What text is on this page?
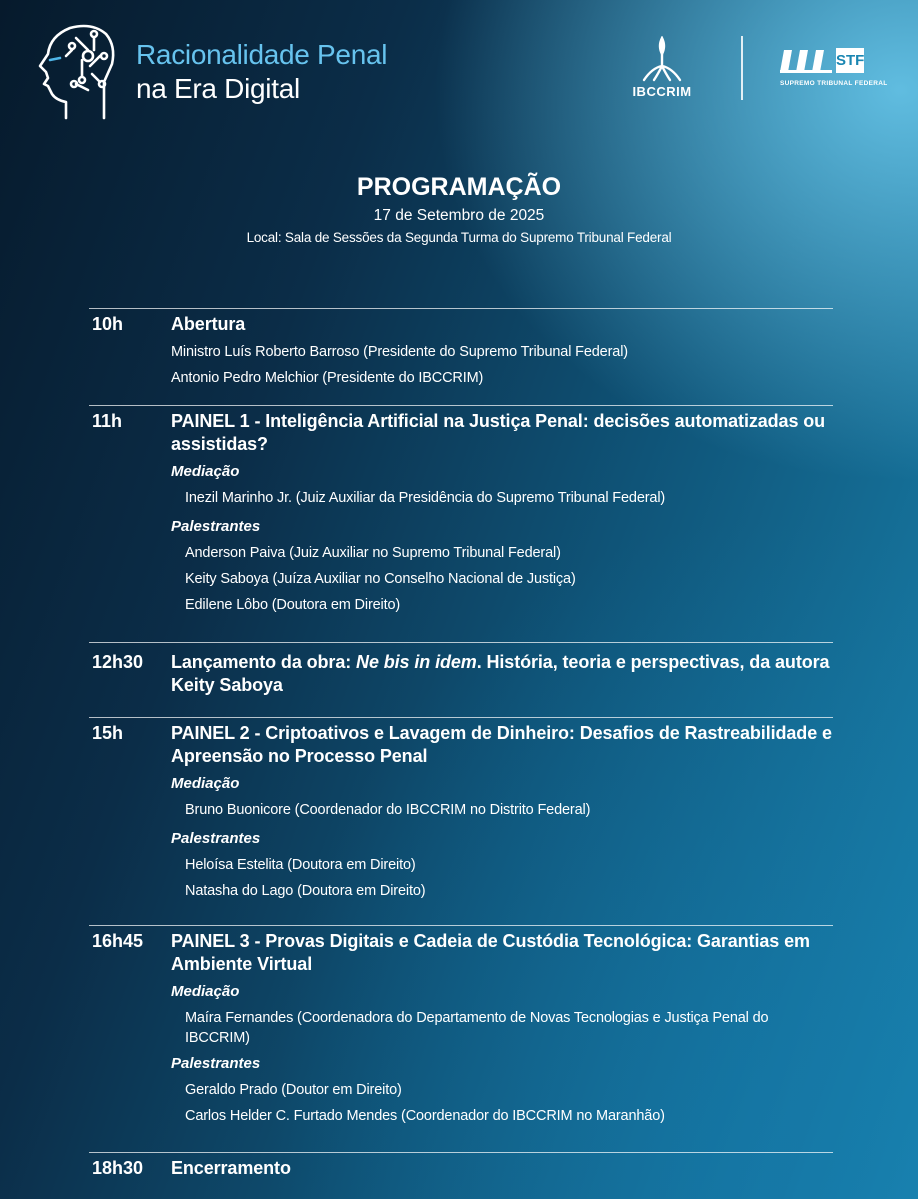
Racionalidade Penal
na Era Digital	IBCCRIM
STF
SUPREMO TRIBUNAL FEDERAL
PROGRAMAÇÃO
17 de Setembro de 2025
Local: Sala de Sessões da Segunda Turma do Supremo Tribunal Federal
10h	Abertura
Ministro Luís Roberto Barroso (Presidente do Supremo Tribunal Federal)
Antonio Pedro Melchior (Presidente do IBCCRIM)
11h	PAINEL 1 - Inteligência Artificial na Justiça Penal: decisões automatizadas ou assistidas?
Mediação
Inezil Marinho Jr. (Juiz Auxiliar da Presidência do Supremo Tribunal Federal)
Palestrantes
Anderson Paiva (Juiz Auxiliar no Supremo Tribunal Federal)
Keity Saboya (Juíza Auxiliar no Conselho Nacional de Justiça)
Edilene Lôbo (Doutora em Direito)
12h30 Lançamento da obra: Ne bis in idem. História, teoria e perspectivas, da autora Keity Saboya
15h	PAINEL 2 - Criptoativos e Lavagem de Dinheiro: Desafios de Rastreabilidade e Apreensão no Processo Penal
Mediação
Bruno Buonicore (Coordenador do IBCCRIM no Distrito Federal)
Palestrantes
Heloísa Estelita (Doutora em Direito)
Natasha do Lago (Doutora em Direito)
16h45 PAINEL 3 - Provas Digitais e Cadeia de Custódia Tecnológica: Garantias em Ambiente Virtual
Mediação
Maíra Fernandes (Coordenadora do Departamento de Novas Tecnologias e Justiça Penal do IBCCRIM)
Palestrantes
Geraldo Prado (Doutor em Direito)
Carlos Helder C. Furtado Mendes (Coordenador do IBCCRIM no Maranhão)
18h30 Encerramento
